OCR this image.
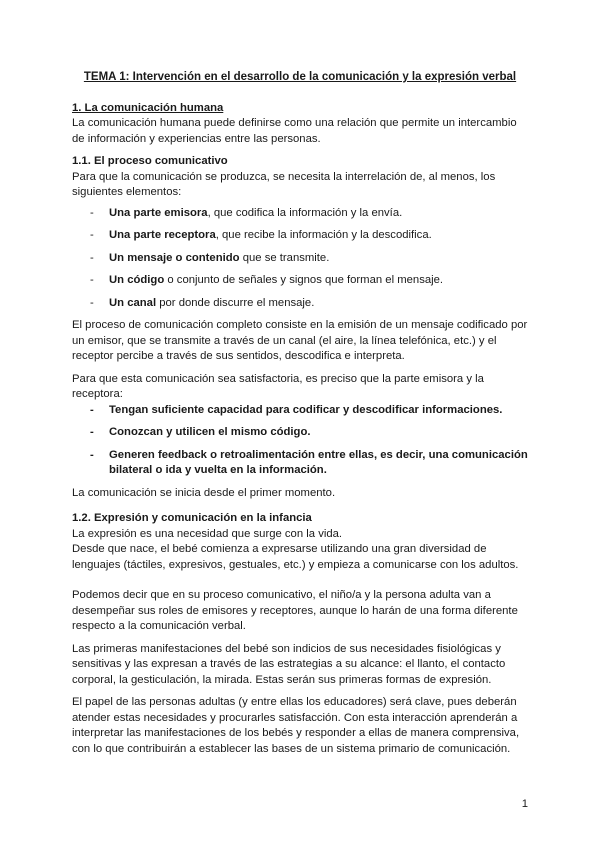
TEMA 1: Intervención en el desarrollo de la comunicación y la expresión verbal

1. La comunicación humana

La comunicación humana puede definirse como una relación que permite un intercambio de información y experiencias entre las personas.

1.1. El proceso comunicativo

Para que la comunicación se produzca, se necesita la interrelación de, al menos, los siguientes elementos:

- Una parte emisora, que codifica la información y la envía.
- Una parte receptora, que recibe la información y la descodifica.
- Un mensaje o contenido que se transmite.
- Un código o conjunto de señales y signos que forman el mensaje.
- Un canal por donde discurre el mensaje.

El proceso de comunicación completo consiste en la emisión de un mensaje codificado por un emisor, que se transmite a través de un canal (el aire, la línea telefónica, etc.) y el receptor percibe a través de sus sentidos, descodifica e interpreta.

Para que esta comunicación sea satisfactoria, es preciso que la parte emisora y la receptora:

- Tengan suficiente capacidad para codificar y descodificar informaciones.
- Conozcan y utilicen el mismo código.
- Generen feedback o retroalimentación entre ellas, es decir, una comunicación bilateral o ida y vuelta en la información.

La comunicación se inicia desde el primer momento.

1.2. Expresión y comunicación en la infancia

La expresión es una necesidad que surge con la vida.

Desde que nace, el bebé comienza a expresarse utilizando una gran diversidad de lenguajes (táctiles, expresivos, gestuales, etc.) y empieza a comunicarse con los adultos.

Podemos decir que en su proceso comunicativo, el niño/a y la persona adulta van a desempeñar sus roles de emisores y receptores, aunque lo harán de una forma diferente respecto a la comunicación verbal.

Las primeras manifestaciones del bebé son indicios de sus necesidades fisiológicas y sensitivas y las expresan a través de las estrategias a su alcance: el llanto, el contacto corporal, la gesticulación, la mirada. Estas serán sus primeras formas de expresión.

El papel de las personas adultas (y entre ellas los educadores) será clave, pues deberán atender estas necesidades y procurarles satisfacción. Con esta interacción aprenderán a interpretar las manifestaciones de los bebés y responder a ellas de manera comprensiva, con lo que contribuirán a establecer las bases de un sistema primario de comunicación.

1
